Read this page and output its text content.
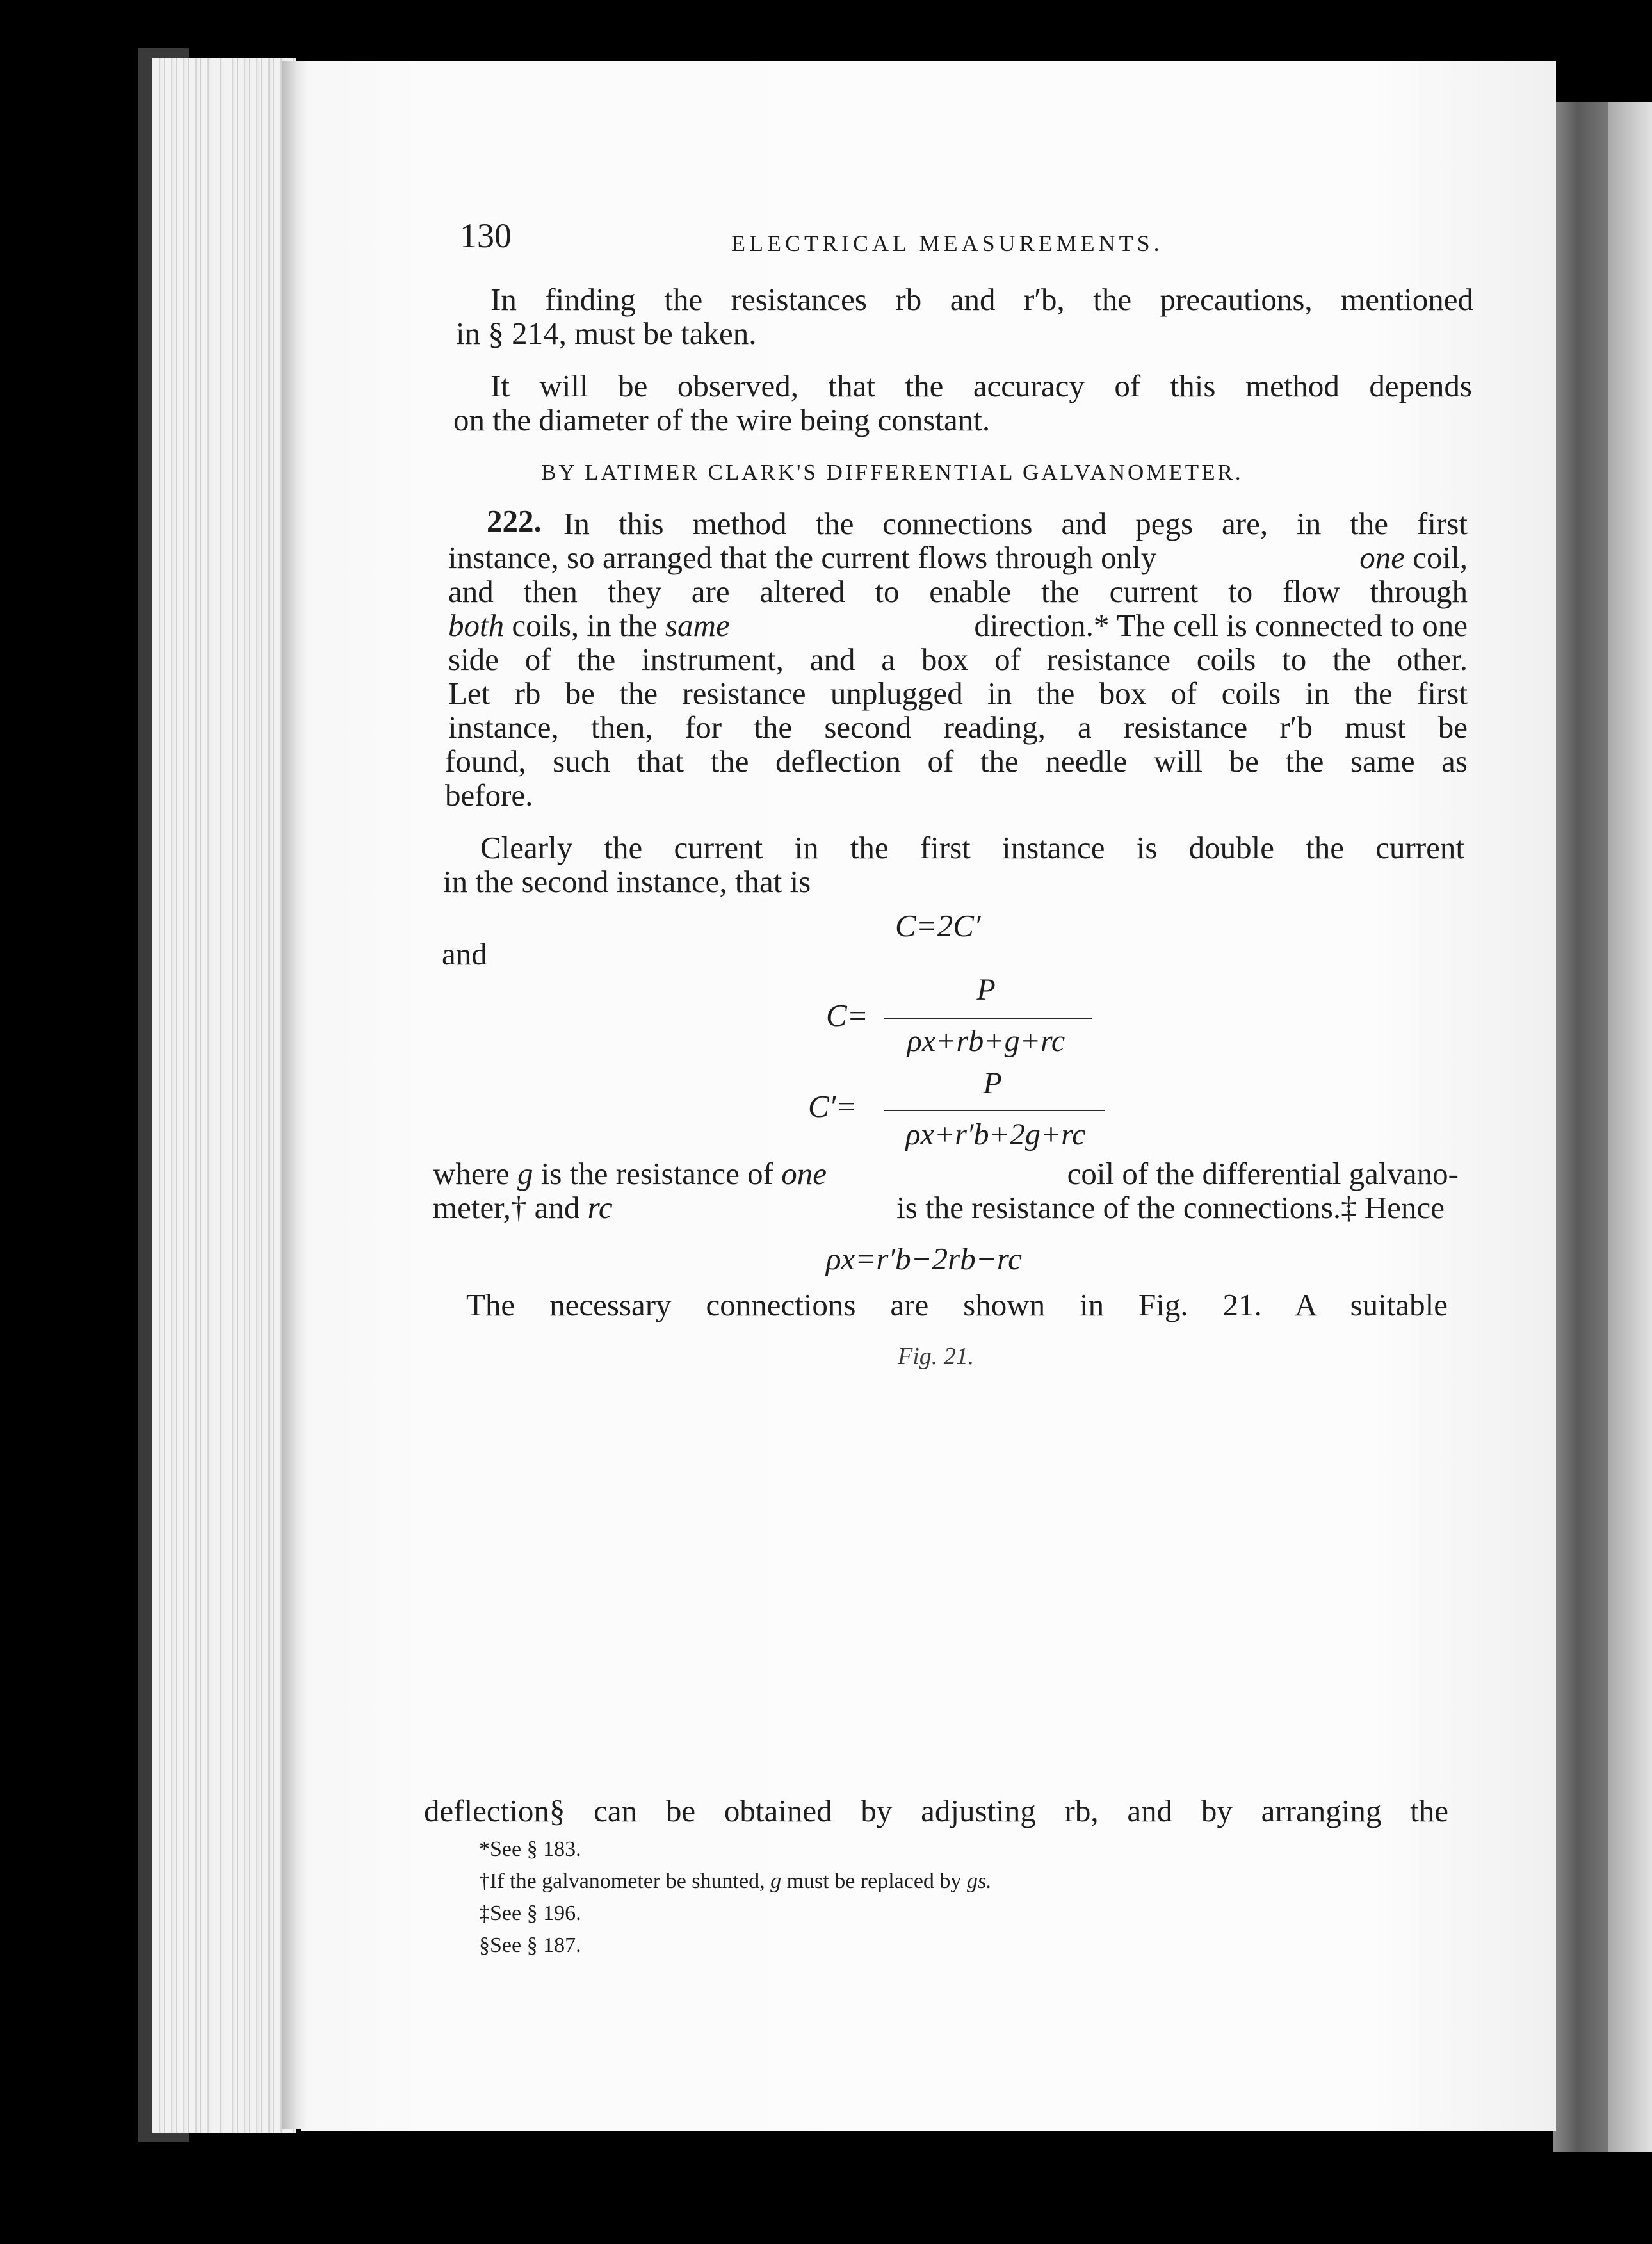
130	ELECTRICAL MEASUREMENTS.
In finding the resistances rb and r′b, the precautions, mentioned
in § 214, must be taken.
It will be observed, that the accuracy of this method depends
on the diameter of the wire being constant.
BY LATIMER CLARK'S DIFFERENTIAL GALVANOMETER.
222. In this method the connections and pegs are, in the first
instance, so arranged that the current flows through only	one coil,
and then they are altered to enable the current to flow through
both coils, in the same	direction.* The cell is connected to one
side of the instrument, and a box of resistance coils to the other.
Let rb be the resistance unplugged in the box of coils in the first
instance, then, for the second reading, a resistance r′b must be
found, such that the deflection of the needle will be the same as
before.
Clearly the current in the first instance is double the current
in the second instance, that is
C=2C′
and
C=
P
ρx+rb+g+rc
C′=
P
ρx+r′b+2g+rc
where g is the resistance of one	coil of the differential galvano-
meter,† and rc	is the resistance of the connections.‡ Hence
ρx=r′b−2rb−rc
The necessary connections are shown in Fig. 21. A suitable
Fig. 21.
deflection§ can be obtained by adjusting rb, and by arranging the
*See § 183.
†If the galvanometer be shunted, g must be replaced by gs.
‡See § 196.
§See § 187.
